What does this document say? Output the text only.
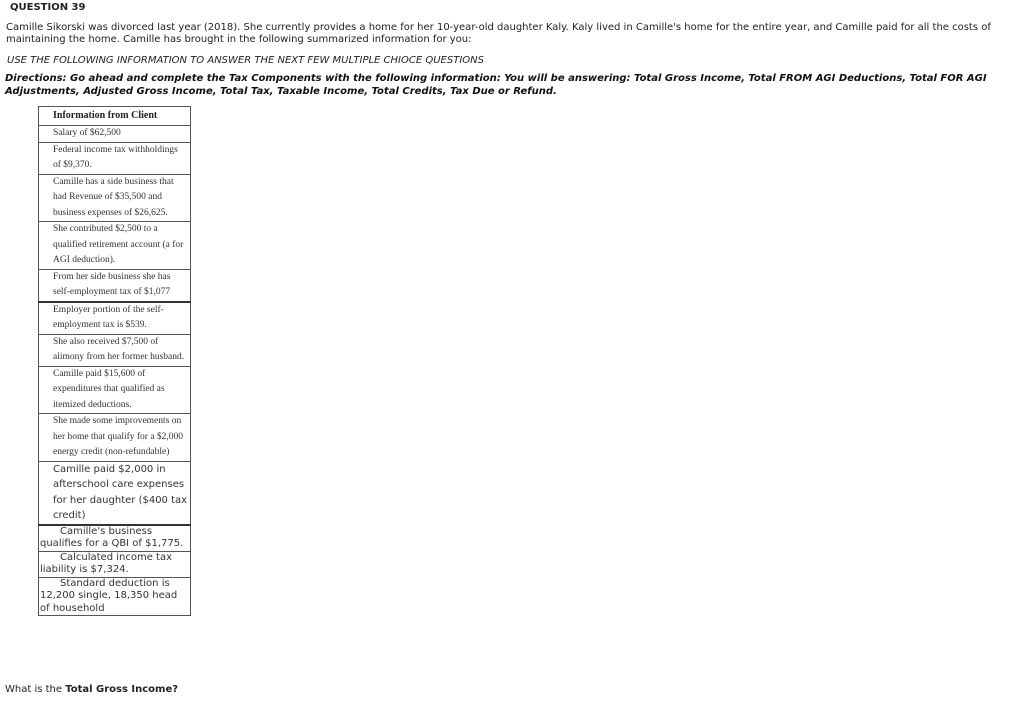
QUESTION 39

Camille Sikorski was divorced last year (2018). She currently provides a home for her 10-year-old daughter Kaly. Kaly lived in Camille's home for the entire year, and Camille paid for all the costs of maintaining the home. Camille has brought in the following summarized information for you:

USE THE FOLLOWING INFORMATION TO ANSWER THE NEXT FEW MULTIPLE CHIOCE QUESTIONS

Directions: Go ahead and complete the Tax Components with the following information: You will be answering: Total Gross Income, Total FROM AGI Deductions, Total FOR AGI Adjustments, Adjusted Gross Income, Total Tax, Taxable Income, Total Credits, Tax Due or Refund.

Information from Client
Salary of $62,500
Federal income tax withholdings of $9,370.
Camille has a side business that had Revenue of $35,500 and business expenses of $26,625.
She contributed $2,500 to a qualified retirement account (a for AGI deduction).
From her side business she has self-employment tax of $1,077
Employer portion of the self-employment tax is $539.
She also received $7,500 of alimony from her former husband.
Camille paid $15,600 of expenditures that qualified as itemized deductions.
She made some improvements on her home that qualify for a $2,000 energy credit (non-refundable)
Camille paid $2,000 in afterschool care expenses for her daughter ($400 tax credit)

Camille's business qualifies for a QBI of $1,775.

Calculated income tax liability is $7,324.

Standard deduction is 12,200 single, 18,350 head of household

What is the Total Gross Income?
